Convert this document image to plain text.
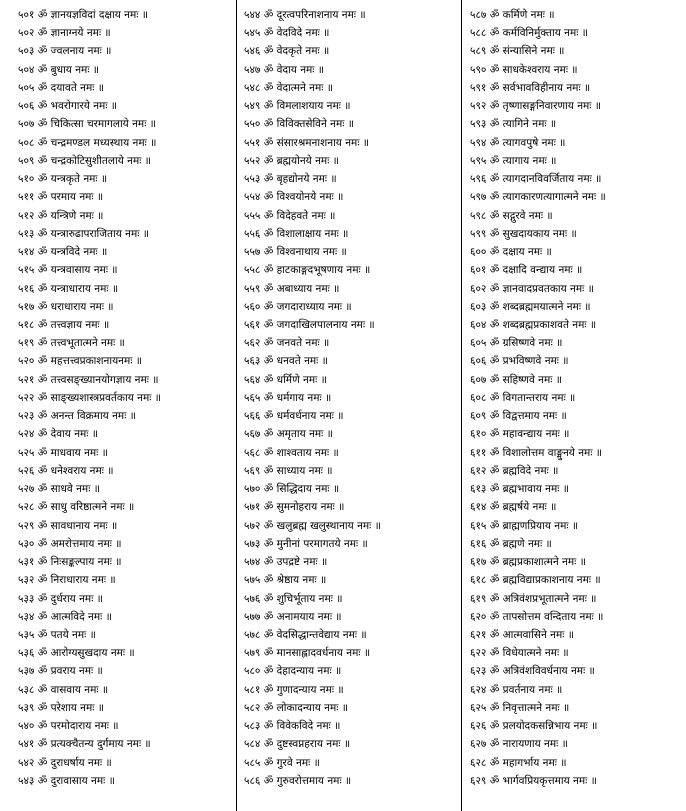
५०१ ॐ ज्ञानयज्ञविदां दक्षाय नमः ॥
५०२ ॐ ज्ञानाग्नये नमः ॥
५०३ ॐ ज्वलनाय नमः ॥
५०४ ॐ बुधाय नमः ॥
५०५ ॐ दयावते नमः ॥
५०६ ॐ भवरोगारये नमः ॥
५०७ ॐ चिकित्सा चरमागलाये नमः ॥
५०८ ॐ चन्द्रमण्डल मध्यस्थाय नमः ॥
५०९ ॐ चन्द्रकोटिसुशीतलाये नमः ॥
५१० ॐ यन्त्रकृते नमः ॥
५११ ॐ परमाय नमः ॥
५१२ ॐ यन्त्रिणे नमः ॥
५१३ ॐ यन्त्रारुढापराजिताय नमः ॥
५१४ ॐ यन्त्रविदे नमः ॥
५१५ ॐ यन्त्रवासाय नमः ॥
५१६ ॐ यन्त्राधाराय नमः ॥
५१७ ॐ धराधाराय नमः ॥
५१८ ॐ तत्त्वज्ञाय नमः ॥
५१९ ॐ तत्त्वभूतात्मने नमः ॥
५२० ॐ महत्तत्त्वप्रकाशनायनमः ॥
५२१ ॐ तत्त्वसङ्ख्यानयोगज्ञाय नमः ॥
५२२ ॐ साङ्ख्यशास्त्रप्रवर्तकाय नमः ॥
५२३ ॐ अनन्त विक्रमाय नमः ॥
५२४ ॐ देवाय नमः ॥
५२५ ॐ माधवाय नमः ॥
५२६ ॐ धनेश्वराय नमः ॥
५२७ ॐ साधवे नमः ॥
५२८ ॐ साधु वरिष्ठात्मने नमः ॥
५२९ ॐ सावधानाय नमः ॥
५३० ॐ अमरोत्तमाय नमः ॥
५३१ ॐ निःसङ्कल्पाय नमः ॥
५३२ ॐ निराधाराय नमः ॥
५३३ ॐ दुर्धराय नमः ॥
५३४ ॐ आत्मविदे नमः ॥
५३५ ॐ पतये नमः ॥
५३६ ॐ आरोग्यसुखदाय नमः ॥
५३७ ॐ प्रवराय नमः ॥
५३८ ॐ वासवाय नमः ॥
५३९ ॐ परेशाय नमः ॥
५४० ॐ परमोदाराय नमः ॥
५४१ ॐ प्रत्यक्चैतन्य दुर्गमाय नमः ॥
५४२ ॐ दुराधर्षाय नमः ॥
५४३ ॐ दुरावासाय नमः ॥
५४४ ॐ दूरत्वपरिनाशनाय नमः ॥
५४५ ॐ वेदविदे नमः ॥
५४६ ॐ वेदकृते नमः ॥
५४७ ॐ वेदाय नमः ॥
५४८ ॐ वेदात्मने नमः ॥
५४९ ॐ विमलाशयाय नमः ॥
५५० ॐ विविक्तसेविने नमः ॥
५५१ ॐ संसारश्रमनाशनाय नमः ॥
५५२ ॐ ब्रह्मयोनये नमः ॥
५५३ ॐ बृहद्योनये नमः ॥
५५४ ॐ विश्वयोनये नमः ॥
५५५ ॐ विदेहवते नमः ॥
५५६ ॐ विशालाक्षाय नमः ॥
५५७ ॐ विश्वनाथाय नमः ॥
५५८ ॐ हाटकाङ्गदभूषणाय नमः ॥
५५९ ॐ अबाध्याय नमः ॥
५६० ॐ जगदाराध्याय नमः ॥
५६१ ॐ जगदाखिलपालनाय नमः ॥
५६२ ॐ जनवते नमः ॥
५६३ ॐ धनवते नमः ॥
५६४ ॐ धर्मिणे नमः ॥
५६५ ॐ धर्मगाय नमः ॥
५६६ ॐ धर्मवर्धनाय नमः ॥
५६७ ॐ अमृताय नमः ॥
५६८ ॐ शाश्वताय नमः ॥
५६९ ॐ साध्याय नमः ॥
५७० ॐ सिद्धिदाय नमः ॥
५७१ ॐ सुमनोहराय नमः ॥
५७२ ॐ खलुब्रह्म खलुस्थानाय नमः ॥
५७३ ॐ मुनीनां परमागतये नमः ॥
५७४ ॐ उपद्रष्टे नमः ॥
५७५ ॐ श्रेष्ठाय नमः ॥
५७६ ॐ शुचिर्भूताय नमः ॥
५७७ ॐ अनामयाय नमः ॥
५७८ ॐ वेदसिद्धान्तवेद्याय नमः ॥
५७९ ॐ मानसाह्लादवर्धनाय नमः ॥
५८० ॐ देहादन्याय नमः ॥
५८१ ॐ गुणादन्याय नमः ॥
५८२ ॐ लोकादन्याय नमः ॥
५८३ ॐ विवेकविदे नमः ॥
५८४ ॐ दुष्टस्वप्नहराय नमः ॥
५८५ ॐ गुरवे नमः ॥
५८६ ॐ गुरुवरोत्तमाय नमः ॥
५८७ ॐ कर्मिणे नमः ॥
५८८ ॐ कर्मविनिर्मुक्ताय नमः ॥
५८९ ॐ संन्यासिने नमः ॥
५९० ॐ साधकेश्वराय नमः ॥
५९१ ॐ सर्वभावविहीनाय नमः ॥
५९२ ॐ तृष्णासङ्गनिवारणाय नमः ॥
५९३ ॐ त्यागिने नमः ॥
५९४ ॐ त्यागवपुषे नमः ॥
५९५ ॐ त्यागाय नमः ॥
५९६ ॐ त्यागदानविवर्जिताय नमः ॥
५९७ ॐ त्यागकारणत्यागात्मने नमः ॥
५९८ ॐ सद्गुरवे नमः ॥
५९९ ॐ सुखदायकाय नमः ॥
६०० ॐ दक्षाय नमः ॥
६०१ ॐ दक्षादि वन्द्याय नमः ॥
६०२ ॐ ज्ञानवादप्रवतकाय नमः ॥
६०३ ॐ शब्दब्रह्ममयात्मने नमः ॥
६०४ ॐ शब्दब्रह्मप्रकाशवते नमः ॥
६०५ ॐ ग्रसिष्णवे नमः ॥
६०६ ॐ प्रभविष्णवे नमः ॥
६०७ ॐ सहिष्णवे नमः ॥
६०८ ॐ विगतान्तराय नमः ॥
६०९ ॐ विद्वत्तमाय नमः ॥
६१० ॐ महावन्द्याय नमः ॥
६११ ॐ विशालोत्तम वाङ्मुनये नमः ॥
६१२ ॐ ब्रह्मविदे नमः ॥
६१३ ॐ ब्रह्मभावाय नमः ॥
६१४ ॐ ब्रह्मर्षये नमः ॥
६१५ ॐ ब्राह्मणप्रियाय नमः ॥
६१६ ॐ ब्रह्मणे नमः ॥
६१७ ॐ ब्रह्मप्रकाशात्मने नमः ॥
६१८ ॐ ब्रह्मविद्याप्रकाशनाय नमः ॥
६१९ ॐ अत्रिवंशप्रभूतात्मने नमः ॥
६२० ॐ तापसोत्तम वन्दिताय नमः ॥
६२१ ॐ आत्मवासिने नमः ॥
६२२ ॐ विधेयात्मने नमः ॥
६२३ ॐ अत्रिवंशविवर्धनाय नमः ॥
६२४ ॐ प्रवर्तनाय नमः ॥
६२५ ॐ निवृत्तात्मने नमः ॥
६२६ ॐ प्रलयोदकसन्निभाय नमः ॥
६२७ ॐ नारायणाय नमः ॥
६२८ ॐ महागर्भाय नमः ॥
६२९ ॐ भार्गवप्रियकृत्तमाय नमः ॥
